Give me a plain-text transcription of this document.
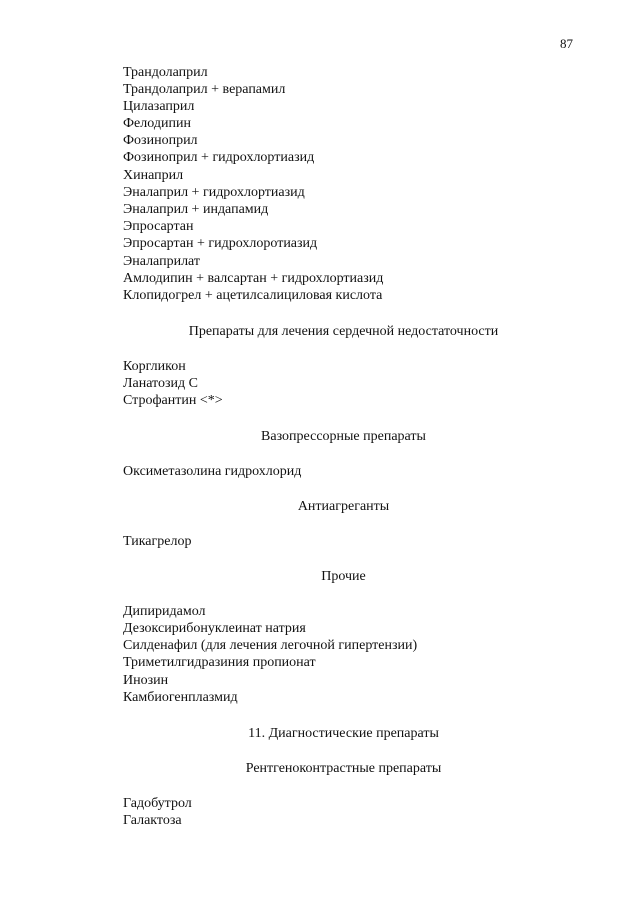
87
Трандолаприл
Трандолаприл + верапамил
Цилазаприл
Фелодипин
Фозиноприл
Фозиноприл + гидрохлортиазид
Хинаприл
Эналаприл + гидрохлортиазид
Эналаприл + индапамид
Эпросартан
Эпросартан + гидрохлоротиазид
Эналаприлат
Амлодипин + валсартан + гидрохлортиазид
Клопидогрел + ацетилсалициловая кислота
Препараты для лечения сердечной недостаточности
Коргликон
Ланатозид С
Строфантин <*>
Вазопрессорные препараты
Оксиметазолина гидрохлорид
Антиагреганты
Тикагрелор
Прочие
Дипиридамол
Дезоксирибонуклеинат натрия
Силденафил (для лечения легочной гипертензии)
Триметилгидразиния пропионат
Инозин
Камбиогенплазмид
11. Диагностические препараты
Рентгеноконтрастные препараты
Гадобутрол
Галактоза
